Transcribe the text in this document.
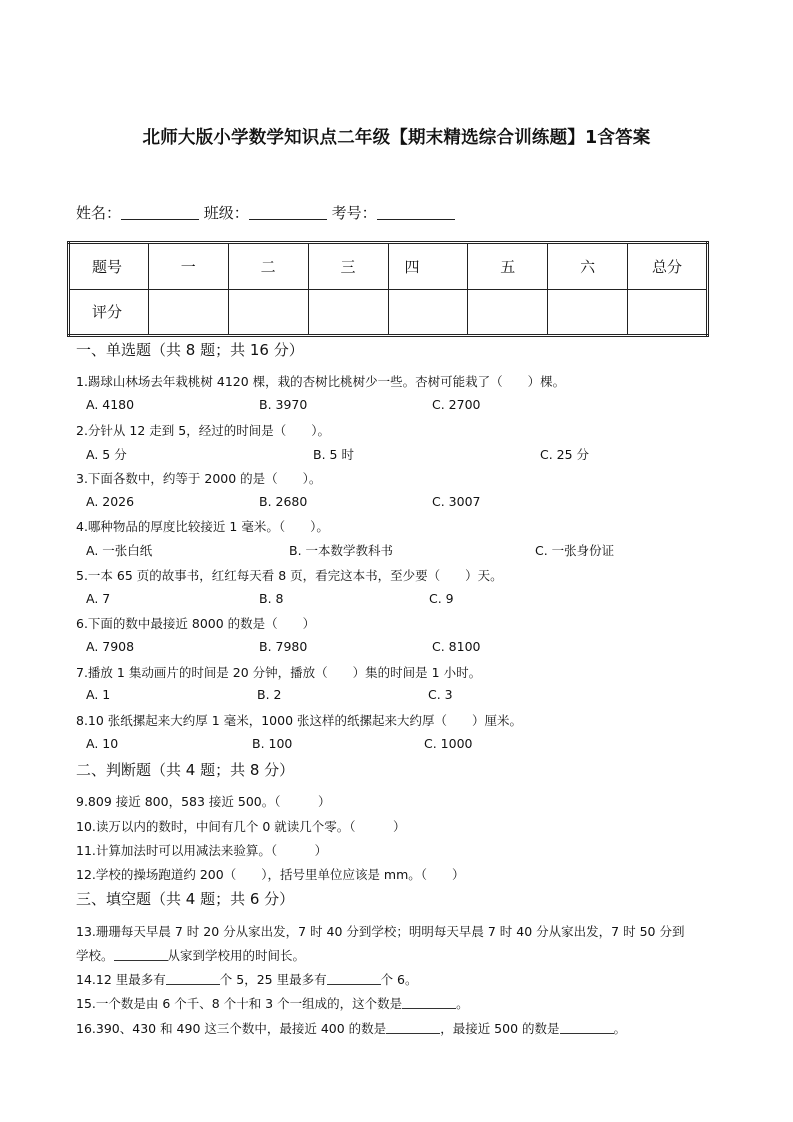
北师大版小学数学知识点二年级【期末精选综合训练题】1含答案
姓名：	班级：	考号：
题号	一	二	三	四	五	六	总分
评分							
一、单选题（共 8 题；共 16 分）
1.踢球山林场去年栽桃树 4120 棵，栽的杏树比桃树少一些。杏树可能栽了（　　）棵。
A. 4180	B. 3970	C. 2700
2.分针从 12 走到 5，经过的时间是（　　）。
A. 5 分	B. 5 时	C. 25 分
3.下面各数中，约等于 2000 的是（　　）。
A. 2026	B. 2680	C. 3007
4.哪种物品的厚度比较接近 1 毫米。（　　）。
A. 一张白纸	B. 一本数学教科书	C. 一张身份证
5.一本 65 页的故事书，红红每天看 8 页，看完这本书，至少要（　　）天。
A. 7	B. 8	C. 9
6.下面的数中最接近 8000 的数是（　　）
A. 7908	B. 7980	C. 8100
7.播放 1 集动画片的时间是 20 分钟，播放（　　）集的时间是 1 小时。
A. 1	B. 2	C. 3
8.10 张纸摞起来大约厚 1 毫米，1000 张这样的纸摞起来大约厚（　　）厘米。
A. 10	B. 100	C. 1000
二、判断题（共 4 题；共 8 分）
9.809 接近 800，583 接近 500。（　　　）
10.读万以内的数时，中间有几个 0 就读几个零。（　　　）
11.计算加法时可以用减法来验算。（　　　）
12.学校的操场跑道约 200（　　），括号里单位应该是 mm。（　　）
三、填空题（共 4 题；共 6 分）
13.珊珊每天早晨 7 时 20 分从家出发，7 时 40 分到学校；明明每天早晨 7 时 40 分从家出发，7 时 50 分到
学校。	从家到学校用的时间长。
14.12 里最多有	个 5，25 里最多有	个 6。
15.一个数是由 6 个千、8 个十和 3 个一组成的，这个数是	。
16.390、430 和 490 这三个数中，最接近 400 的数是	，最接近 500 的数是	。
